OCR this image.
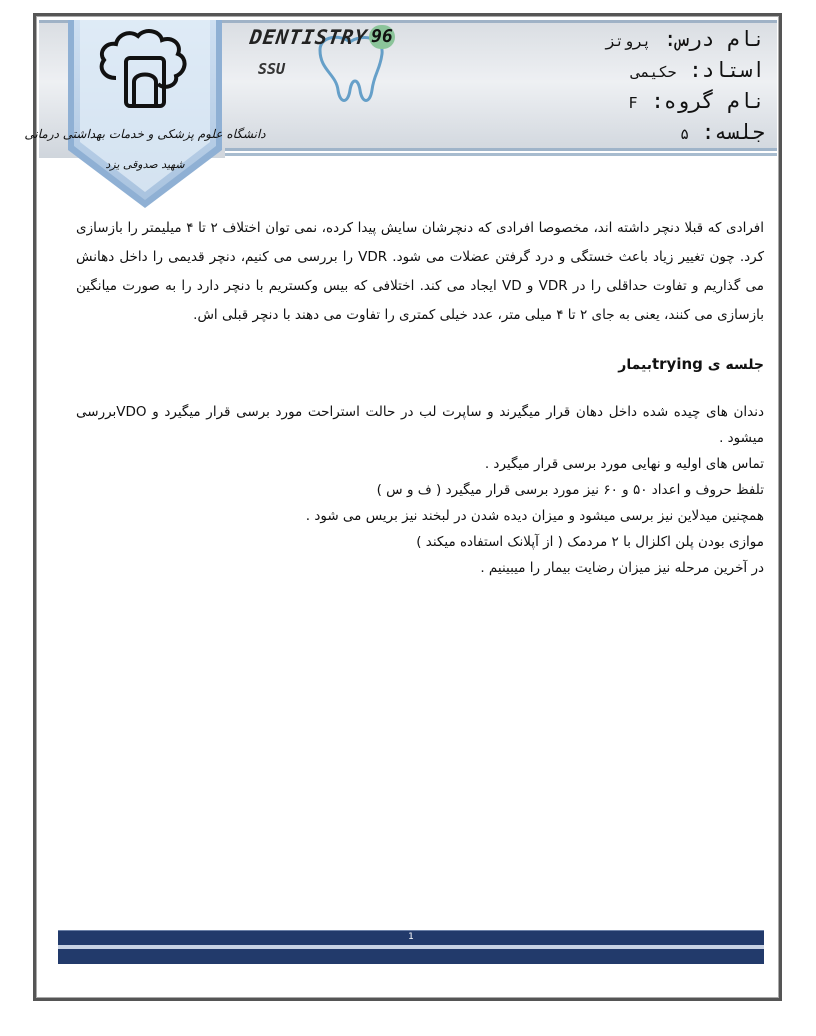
دانشگاه علوم پزشکی و خدمات بهداشتی درمانی
شهید صدوقی یزد
DENTISTRY 96
SSU
نام درس: پروتز
استاد: حکیمی
نام گروه: F
جلسه: ۵

افرادی که قبلا دنچر داشته اند، مخصوصا افرادی که دنچرشان سایش پیدا کرده، نمی توان اختلاف ۲ تا ۴ میلیمتر را بازسازی کرد. چون تغییر زیاد باعث خستگی و درد گرفتن عضلات می شود. VDR را بررسی می کنیم، دنچر قدیمی را داخل دهانش می گذاریم و تفاوت حداقلی را در VDR و VD ایجاد می کند. اختلافی که بیس وکستریم با دنچر دارد را به صورت میانگین بازسازی می کنند، یعنی به جای ۲ تا ۴ میلی متر، عدد خیلی کمتری را تفاوت می دهند با دنچر قبلی اش.

جلسه ی tryingبیمار

دندان های چیده شده داخل دهان قرار میگیرند و ساپرت لب در حالت استراحت مورد برسی قرار میگیرد و VDOبررسی میشود .

تماس های اولیه و نهایی مورد برسی قرار میگیرد .

تلفظ حروف و اعداد ۵۰ و ۶۰ نیز مورد برسی قرار میگیرد ( ف و س )

همچنین میدلاین نیز برسی میشود و میزان دیده شدن در لبخند نیز بریس می شود .

موازی بودن پلن اکلزال با ۲ مردمک ( از آپلانک استفاده میکند )

در آخرین مرحله نیز میزان رضایت بیمار را میبینیم .

1
